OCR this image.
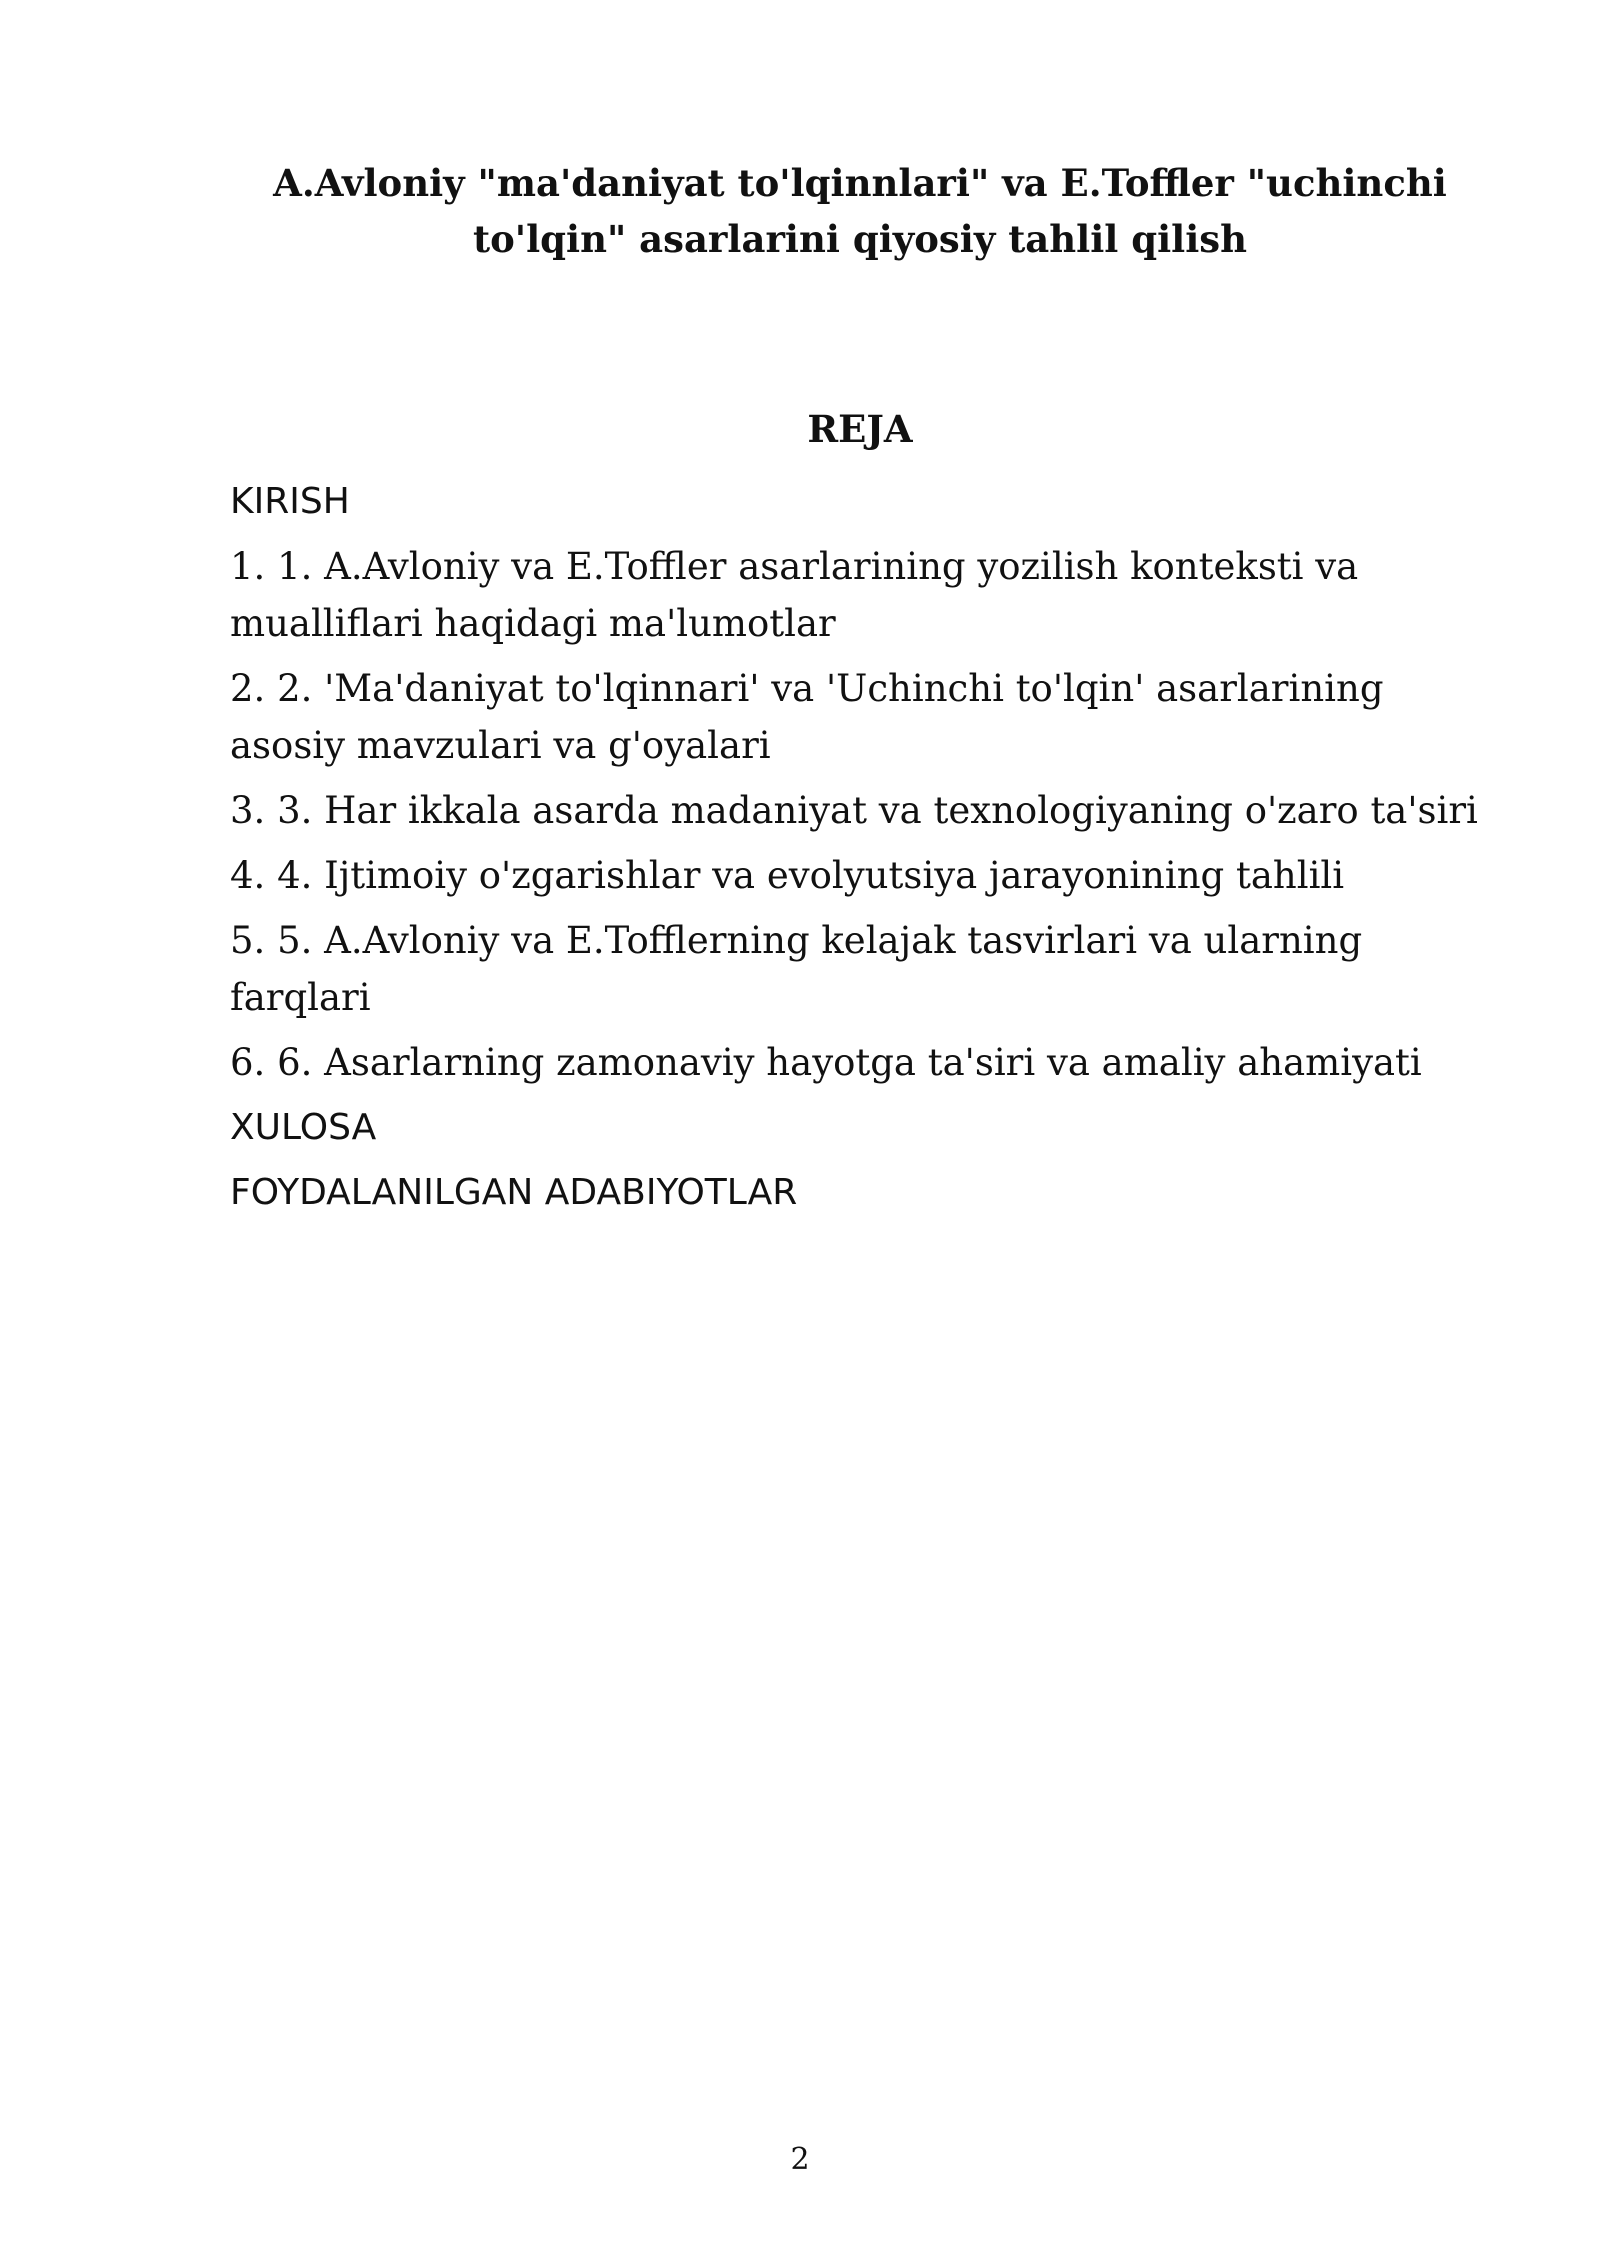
A.Avloniy "ma'daniyat to'lqinnlari" va E.Toffler "uchinchi
to'lqin" asarlarini qiyosiy tahlil qilish
REJA
KIRISH
1. 1. A.Avloniy va E.Toffler asarlarining yozilish konteksti va mualliflari haqidagi ma'lumotlar
2. 2. 'Ma'daniyat to'lqinnari' va 'Uchinchi to'lqin' asarlarining asosiy mavzulari va g'oyalari
3. 3. Har ikkala asarda madaniyat va texnologiyaning o'zaro ta'siri
4. 4. Ijtimoiy o'zgarishlar va evolyutsiya jarayonining tahlili
5. 5. A.Avloniy va E.Tofflerning kelajak tasvirlari va ularning farqlari
6. 6. Asarlarning zamonaviy hayotga ta'siri va amaliy ahamiyati
XULOSA
FOYDALANILGAN ADABIYOTLAR
2
